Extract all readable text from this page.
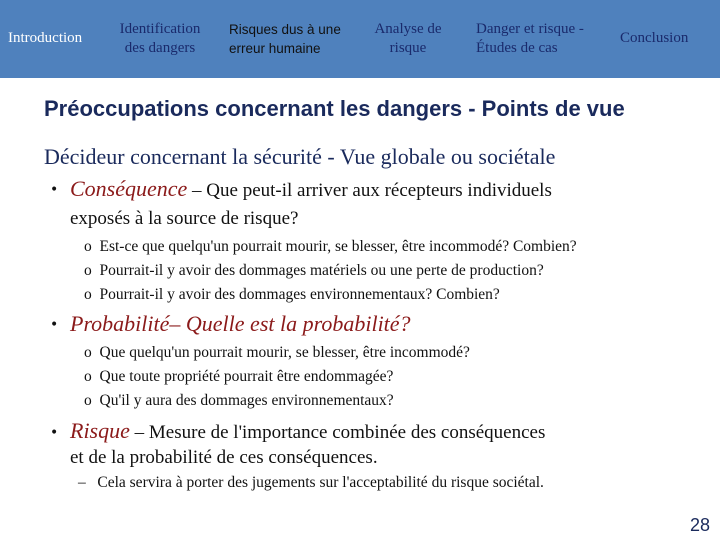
Introduction
Identification des dangers
Risques dus à une erreur humaine
Analyse de risque
Danger et risque - Études de cas
Conclusion
Préoccupations concernant les dangers - Points de vue
Décideur concernant la sécurité - Vue globale ou sociétale
• Conséquence – Que peut-il arriver aux récepteurs individuels
exposés à la source de risque?
o  Est-ce que quelqu'un pourrait mourir, se blesser, être incommodé? Combien?
o  Pourrait-il y avoir des dommages matériels ou une perte de production?
o  Pourrait-il y avoir des dommages environnementaux? Combien?
• Probabilité– Quelle est la probabilité?
o  Que quelqu'un pourrait mourir, se blesser, être incommodé?
o  Que toute propriété pourrait être endommagée?
o  Qu'il y aura des dommages environnementaux?
• Risque – Mesure de l'importance combinée des conséquences
et de la probabilité de ces conséquences.
–   Cela servira à porter des jugements sur l'acceptabilité du risque sociétal.
28
